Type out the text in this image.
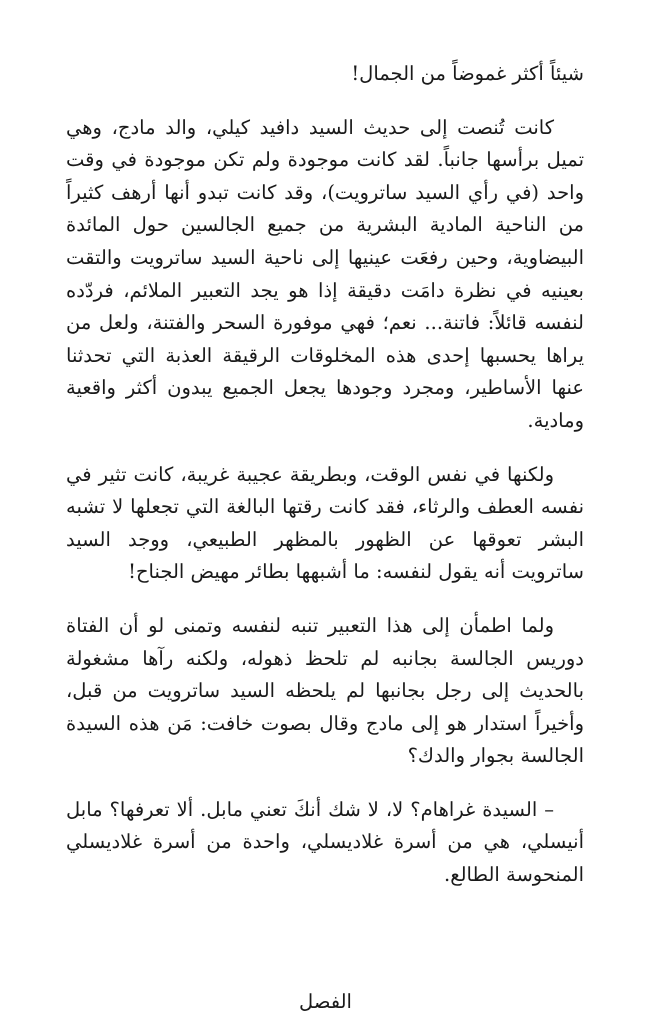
شيئاً أكثر غموضاً من الجمال!

كانت تُنصت إلى حديث السيد دافيد كيلي، والد مادج، وهي تميل برأسها جانباً. لقد كانت موجودة ولم تكن موجودة في وقت واحد (في رأي السيد ساترويت)، وقد كانت تبدو أنها أرهف كثيراً من الناحية المادية البشرية من جميع الجالسين حول المائدة البيضاوية، وحين رفعَت عينيها إلى ناحية السيد ساترويت والتقت بعينيه في نظرة دامَت دقيقة إذا هو يجد التعبير الملائم، فردّده لنفسه قائلاً: فاتنة... نعم؛ فهي موفورة السحر والفتنة، ولعل من يراها يحسبها إحدى هذه المخلوقات الرقيقة العذبة التي تحدثنا عنها الأساطير، ومجرد وجودها يجعل الجميع يبدون أكثر واقعية ومادية.

ولكنها في نفس الوقت، وبطريقة عجيبة غريبة، كانت تثير في نفسه العطف والرثاء، فقد كانت رقتها البالغة التي تجعلها لا تشبه البشر تعوقها عن الظهور بالمظهر الطبيعي، ووجد السيد ساترويت أنه يقول لنفسه: ما أشبهها بطائر مهيض الجناح!

ولما اطمأن إلى هذا التعبير تنبه لنفسه وتمنى لو أن الفتاة دوريس الجالسة بجانبه لم تلحظ ذهوله، ولكنه رآها مشغولة بالحديث إلى رجل بجانبها لم يلحظه السيد ساترويت من قبل، وأخيراً استدار هو إلى مادج وقال بصوت خافت: مَن هذه السيدة الجالسة بجوار والدك؟

– السيدة غراهام؟ لا، لا شك أنكَ تعني مابل. ألا تعرفها؟ مابل أنيسلي، هي من أسرة غلاديسلي، واحدة من أسرة غلاديسلي المنحوسة الطالع.

الفصل
